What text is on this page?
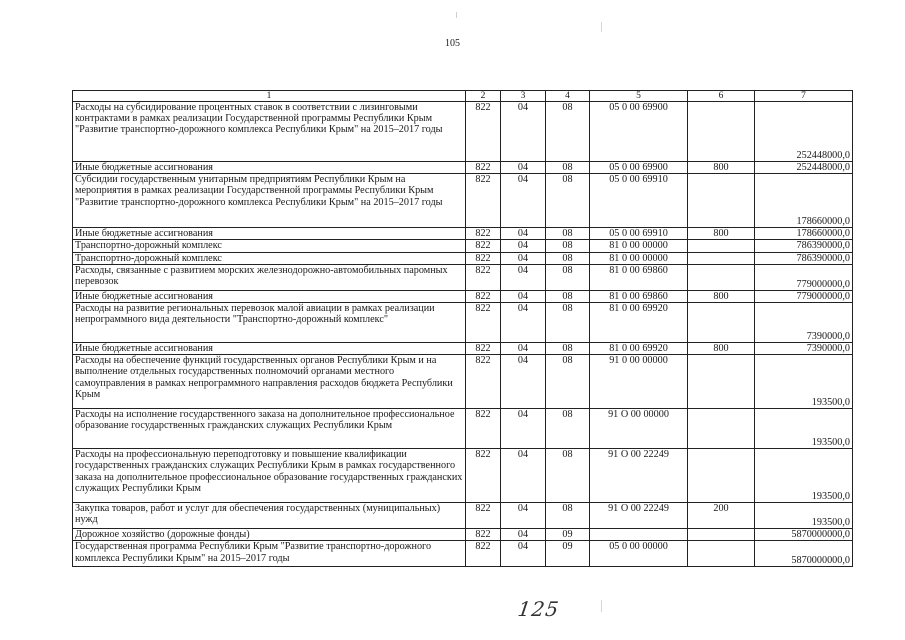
105
1	2	3	4	5	6	7
Расходы на субсидирование процентных ставок в соответствии с лизинговыми контрактами в рамках реализации Государственной программы Республики Крым "Развитие транспортно-дорожного комплекса Республики Крым" на 2015–2017 годы	822	04	08	05 0 00 69900		252448000,0
Иные бюджетные ассигнования	822	04	08	05 0 00 69900	800	252448000,0
Субсидии государственным унитарным предприятиям Республики Крым на мероприятия в рамках реализации Государственной программы Республики Крым "Развитие транспортно-дорожного комплекса Республики Крым" на 2015–2017 годы	822	04	08	05 0 00 69910		178660000,0
Иные бюджетные ассигнования	822	04	08	05 0 00 69910	800	178660000,0
Транспортно-дорожный комплекс	822	04	08	81 0 00 00000		786390000,0
Транспортно-дорожный комплекс	822	04	08	81 0 00 00000		786390000,0
Расходы, связанные с развитием морских железнодорожно-автомобильных паромных перевозок	822	04	08	81 0 00 69860		779000000,0
Иные бюджетные ассигнования	822	04	08	81 0 00 69860	800	779000000,0
Расходы на развитие региональных перевозок малой авиации в рамках реализации непрограммного вида деятельности "Транспортно-дорожный комплекс"	822	04	08	81 0 00 69920		7390000,0
Иные бюджетные ассигнования	822	04	08	81 0 00 69920	800	7390000,0
Расходы на обеспечение функций государственных органов Республики Крым и на выполнение отдельных государственных полномочий органами местного самоуправления в рамках непрограммного направления расходов бюджета Республики Крым	822	04	08	91 0 00 00000		193500,0
Расходы на исполнение государственного заказа на дополнительное профессиональное образование государственных гражданских служащих Республики Крым	822	04	08	91 О 00 00000		193500,0
Расходы на профессиональную переподготовку и повышение квалификации государственных гражданских служащих Республики Крым в рамках государственного заказа на дополнительное профессиональное образование государственных гражданских служащих Республики Крым	822	04	08	91 О 00 22249		193500,0
Закупка товаров, работ и услуг для обеспечения государственных (муниципальных) нужд	822	04	08	91 О 00 22249	200	193500,0
Дорожное хозяйство (дорожные фонды)	822	04	09			5870000000,0
Государственная программа Республики Крым "Развитие транспортно-дорожного комплекса Республики Крым" на 2015–2017 годы	822	04	09	05 0 00 00000		5870000000,0
125
